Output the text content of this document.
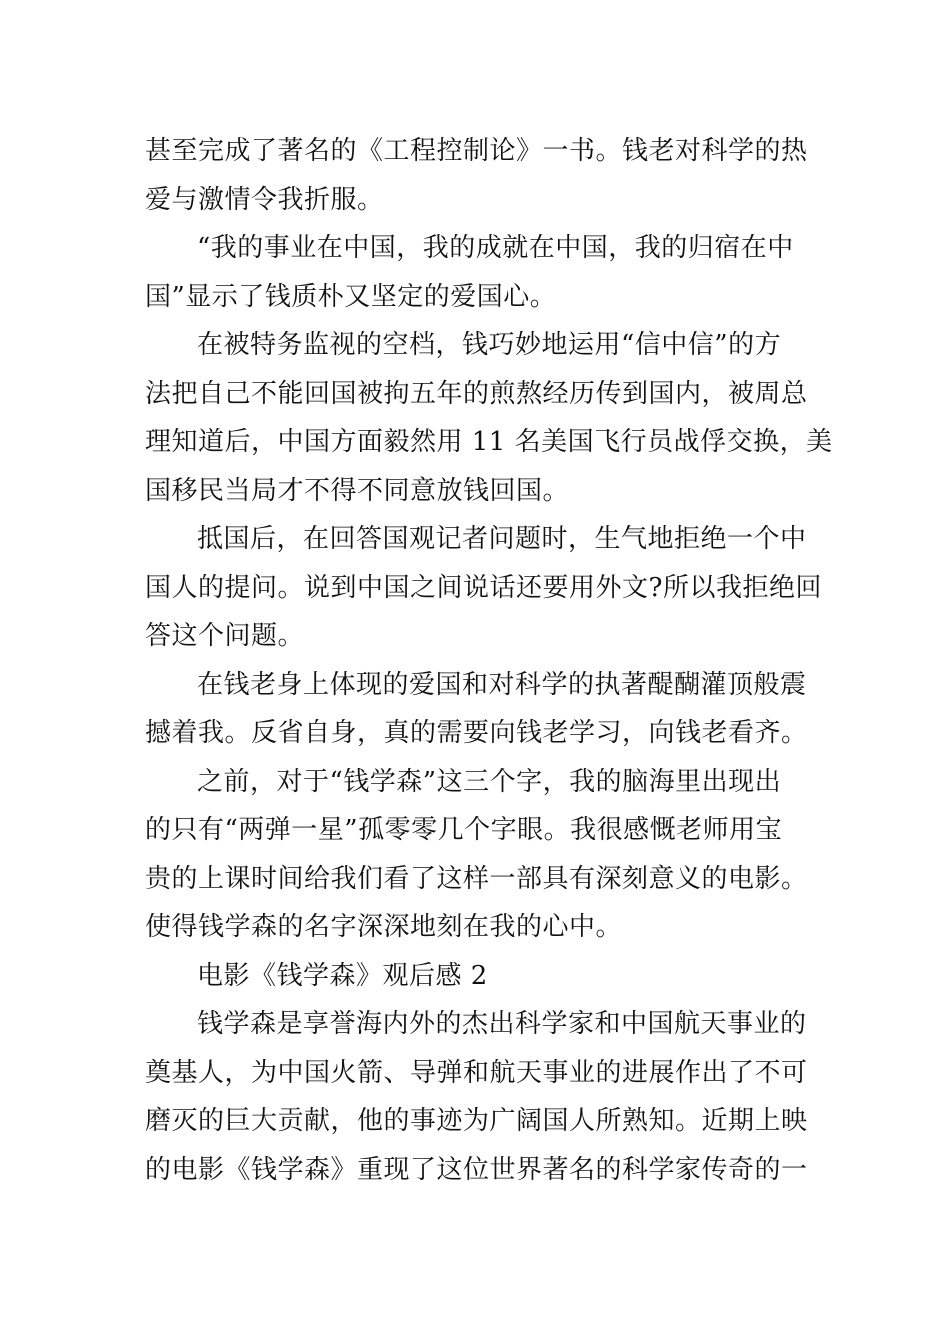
甚至完成了著名的《工程控制论》一书。钱老对科学的热
爱与激情令我折服。
“我的事业在中国，我的成就在中国，我的归宿在中
国”显示了钱质朴又坚定的爱国心。
在被特务监视的空档，钱巧妙地运用“信中信”的方
法把自己不能回国被拘五年的煎熬经历传到国内，被周总
理知道后，中国方面毅然用 11 名美国飞行员战俘交换，美
国移民当局才不得不同意放钱回国。
抵国后，在回答国观记者问题时，生气地拒绝一个中
国人的提问。说到中国之间说话还要用外文?所以我拒绝回
答这个问题。
在钱老身上体现的爱国和对科学的执著醍醐灌顶般震
撼着我。反省自身，真的需要向钱老学习，向钱老看齐。
之前，对于“钱学森”这三个字，我的脑海里出现出
的只有“两弹一星”孤零零几个字眼。我很感慨老师用宝
贵的上课时间给我们看了这样一部具有深刻意义的电影。
使得钱学森的名字深深地刻在我的心中。
电影《钱学森》观后感 2
钱学森是享誉海内外的杰出科学家和中国航天事业的
奠基人，为中国火箭、导弹和航天事业的进展作出了不可
磨灭的巨大贡献，他的事迹为广阔国人所熟知。近期上映
的电影《钱学森》重现了这位世界著名的科学家传奇的一
